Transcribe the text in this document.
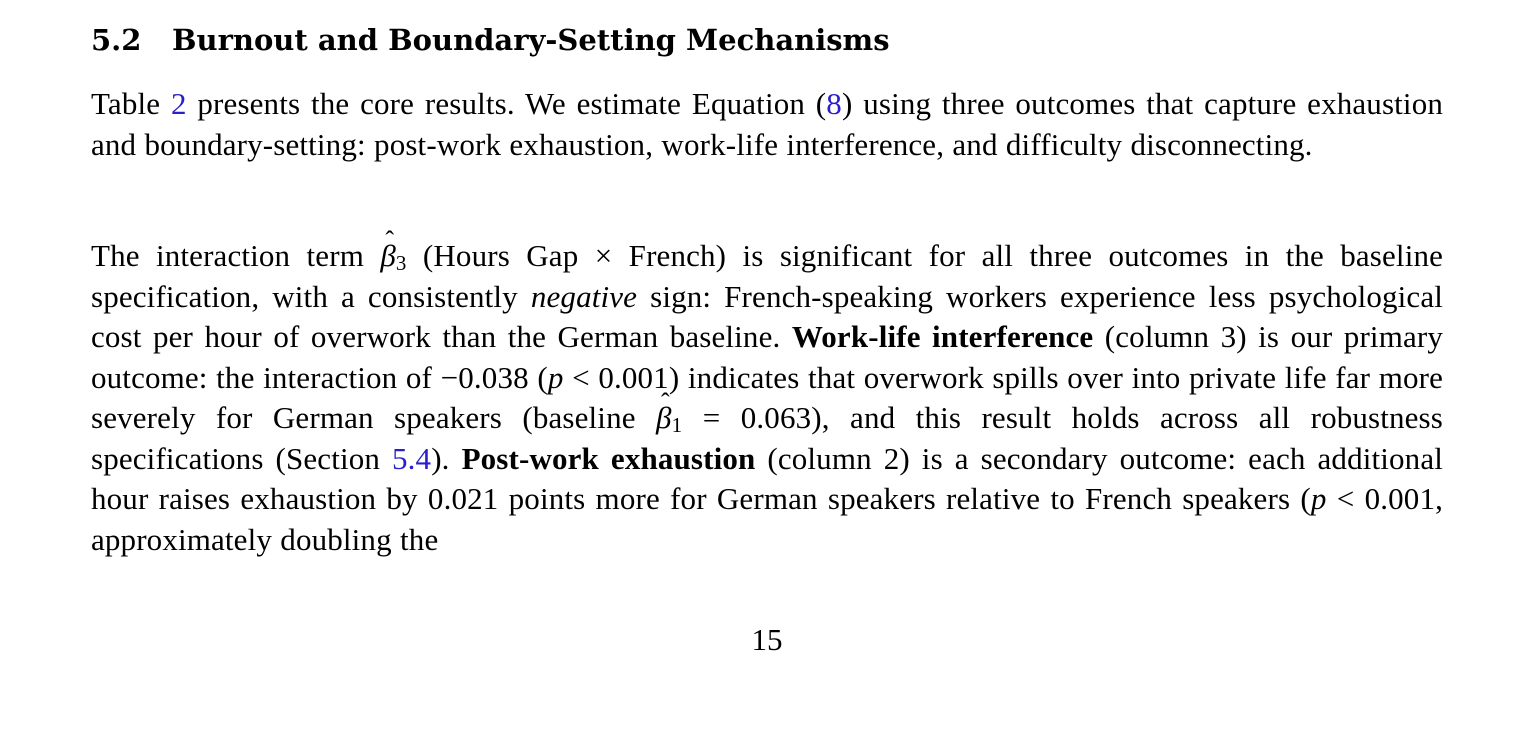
5.2 Burnout and Boundary-Setting Mechanisms

Table 2 presents the core results. We estimate Equation (8) using three outcomes that capture exhaustion and boundary-setting: post-work exhaustion, work-life interference, and difficulty disconnecting.

The interaction term ˆ $\beta_3$ (Hours Gap × French) is significant for all three outcomes in the baseline specification, with a consistently negative sign: French-speaking workers experience less psychological cost per hour of overwork than the German baseline. Work-life interference (column 3) is our primary outcome: the interaction of −0.038 (p < 0.001) indicates that overwork spills over into private life far more severely for German speakers (baseline ˆ $\beta_1 = 0.063$), and this result holds across all robustness specifications (Section 5.4). Post-work exhaustion (column 2) is a secondary outcome: each additional hour raises exhaustion by 0.021 points more for German speakers relative to French speakers (p < 0.001, approximately doubling the

15
